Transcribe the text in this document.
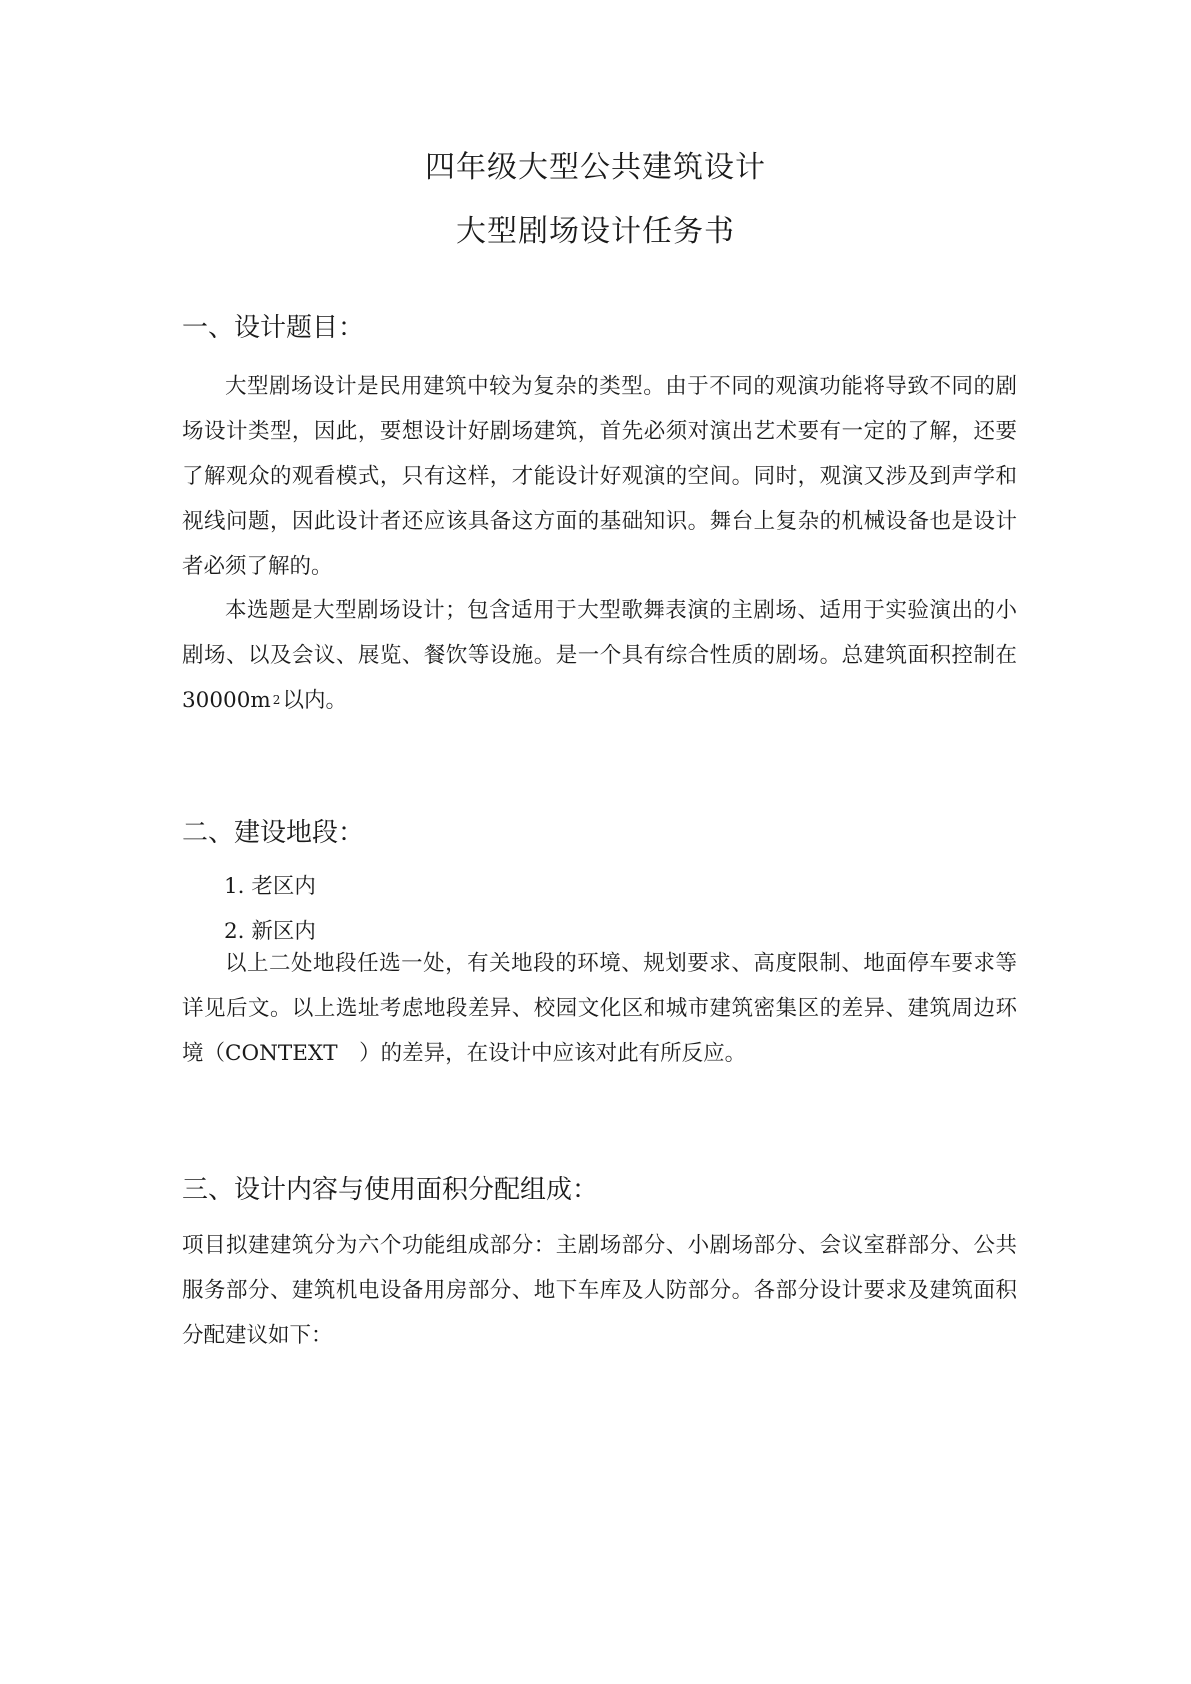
四年级大型公共建筑设计
大型剧场设计任务书
一、设计题目：
大型剧场设计是民用建筑中较为复杂的类型。由于不同的观演功能将导致不同的剧场设计类型，因此，要想设计好剧场建筑，首先必须对演出艺术要有一定的了解，还要了解观众的观看模式，只有这样，才能设计好观演的空间。同时，观演又涉及到声学和视线问题，因此设计者还应该具备这方面的基础知识。舞台上复杂的机械设备也是设计者必须了解的。
本选题是大型剧场设计；包含适用于大型歌舞表演的主剧场、适用于实验演出的小剧场、以及会议、展览、餐饮等设施。是一个具有综合性质的剧场。总建筑面积控制在 30000m $^2$以内。
二、建设地段：
1. 老区内
2. 新区内
以上二处地段任选一处，有关地段的环境、规划要求、高度限制、地面停车要求等详见后文。以上选址考虑地段差异、校园文化区和城市建筑密集区的差异、建筑周边环境（CONTEXT　）的差异，在设计中应该对此有所反应。
三、设计内容与使用面积分配组成：
项目拟建建筑分为六个功能组成部分：主剧场部分、小剧场部分、会议室群部分、公共服务部分、建筑机电设备用房部分、地下车库及人防部分。各部分设计要求及建筑面积分配建议如下：
